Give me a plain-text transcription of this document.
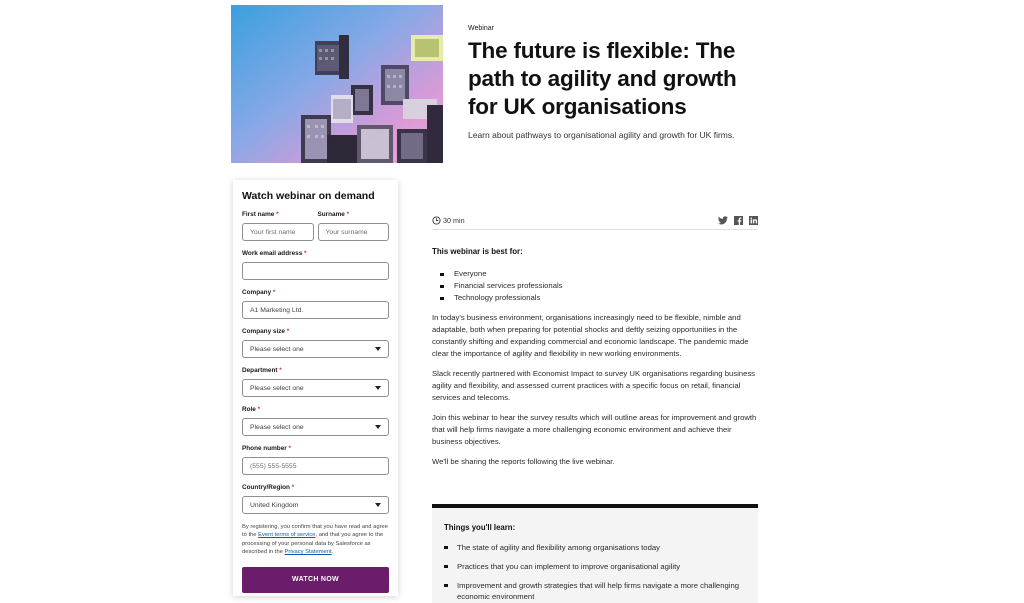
Webinar
The future is flexible: The path to agility and growth for UK organisations
Learn about pathways to organisational agility and growth for UK firms.
Watch webinar on demand
First name *
Your first name
Surname *
Your surname
Work email address *
Company *
A1 Marketing Ltd.
Company size *
Please select one
Department *
Please select one
Role *
Please select one
Phone number *
(555) 555-5555
Country/Region *
United Kingdom
By registering, you confirm that you have read and agree to the Event terms of service, and that you agree to the processing of your personal data by Salesforce as described in the Privacy Statement.
WATCH NOW
30 min
This webinar is best for:
Everyone
Financial services professionals
Technology professionals

In today's business environment, organisations increasingly need to be flexible, nimble and adaptable, both when preparing for potential shocks and deftly seizing opportunities in the constantly shifting and expanding commercial and economic landscape. The pandemic made clear the importance of agility and flexibility in new working environments.

Slack recently partnered with Economist Impact to survey UK organisations regarding business agility and flexibility, and assessed current practices with a specific focus on retail, financial services and telecoms.

Join this webinar to hear the survey results which will outline areas for improvement and growth that will help firms navigate a more challenging economic environment and achieve their business objectives.

We'll be sharing the reports following the live webinar.

Things you'll learn:
The state of agility and flexibility among organisations today
Practices that you can implement to improve organisational agility
Improvement and growth strategies that will help firms navigate a more challenging economic environment
